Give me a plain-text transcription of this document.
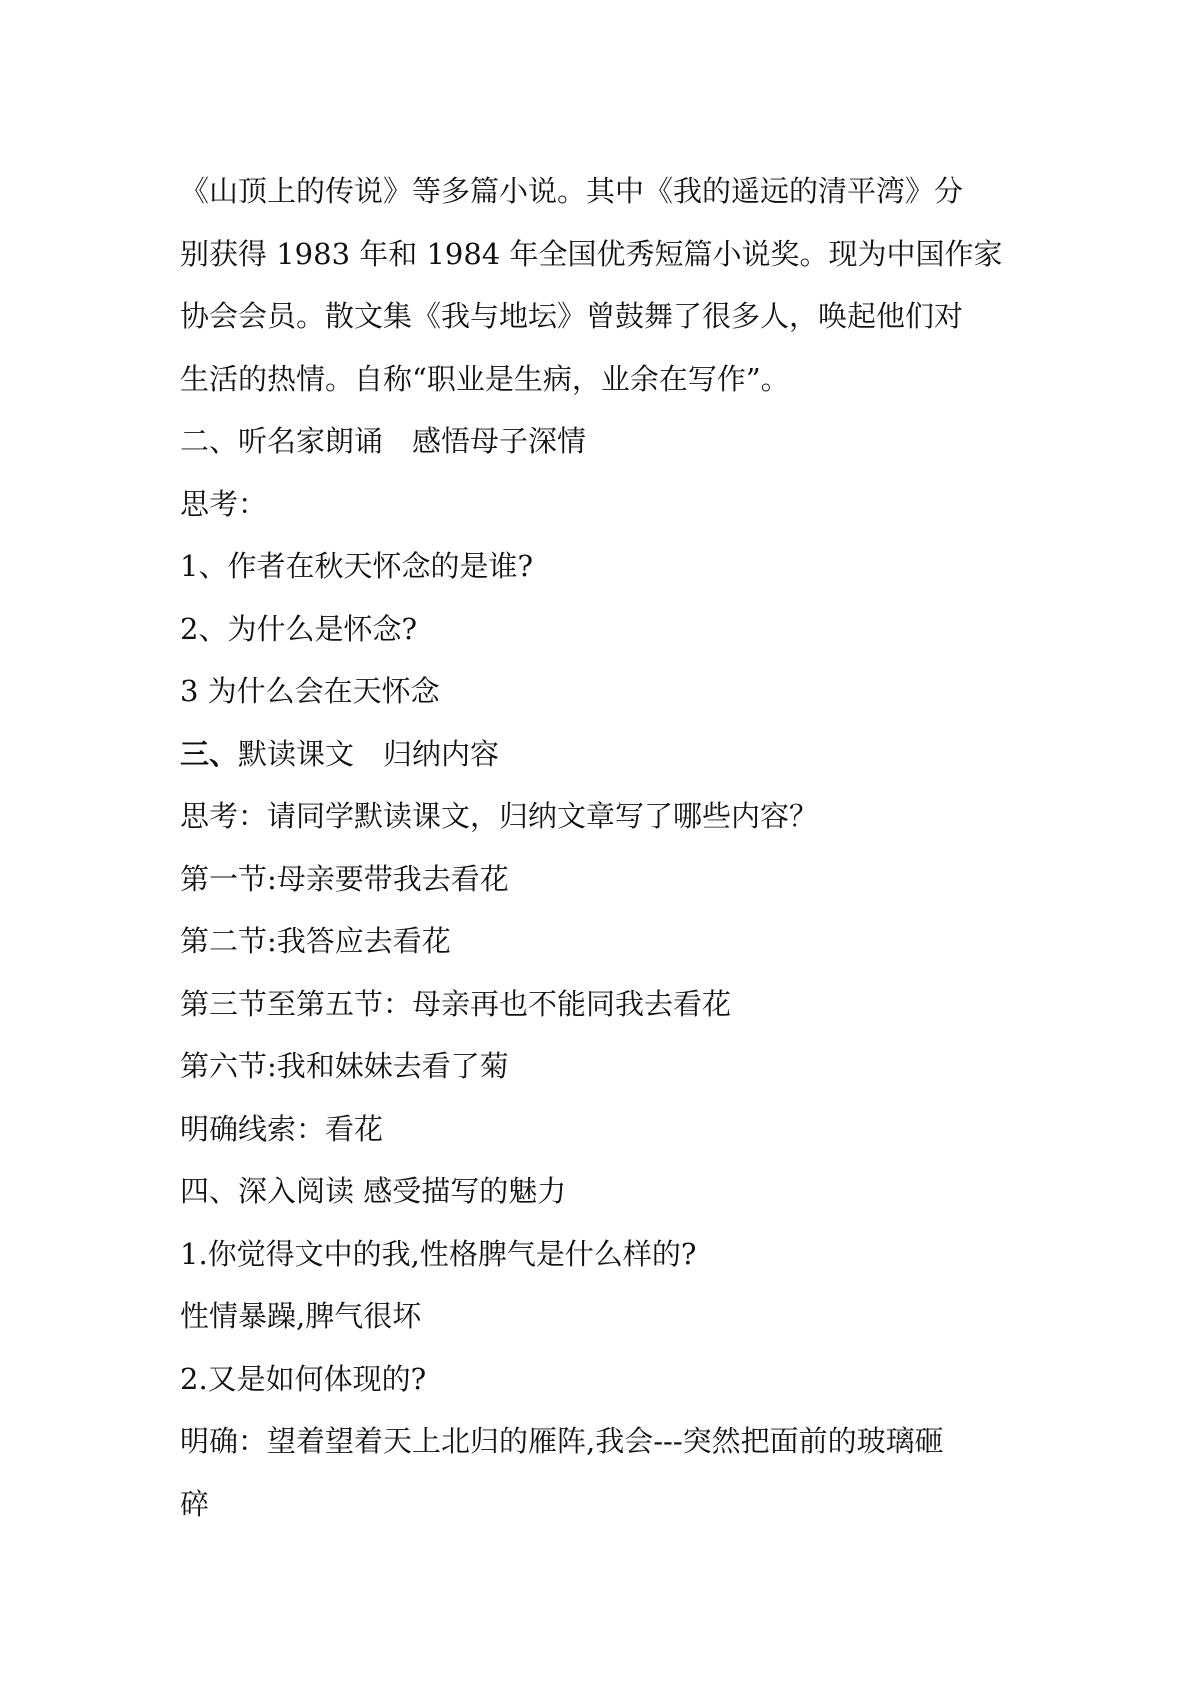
《山顶上的传说》等多篇小说。其中《我的遥远的清平湾》分

别获得 1983 年和 1984 年全国优秀短篇小说奖。现为中国作家

协会会员。散文集《我与地坛》曾鼓舞了很多人，唤起他们对

生活的热情。自称“职业是生病，业余在写作”。

二、听名家朗诵　感悟母子深情

思考：

1、作者在秋天怀念的是谁?

2、为什么是怀念?

3 为什么会在天怀念

三、默读课文　归纳内容

思考：请同学默读课文，归纳文章写了哪些内容？

第一节:母亲要带我去看花

第二节:我答应去看花

第三节至第五节：母亲再也不能同我去看花

第六节:我和妹妹去看了菊

明确线索：看花

四、深入阅读 感受描写的魅力

1.你觉得文中的我,性格脾气是什么样的?

性情暴躁,脾气很坏

2.又是如何体现的?

明确：望着望着天上北归的雁阵,我会---突然把面前的玻璃砸

碎
